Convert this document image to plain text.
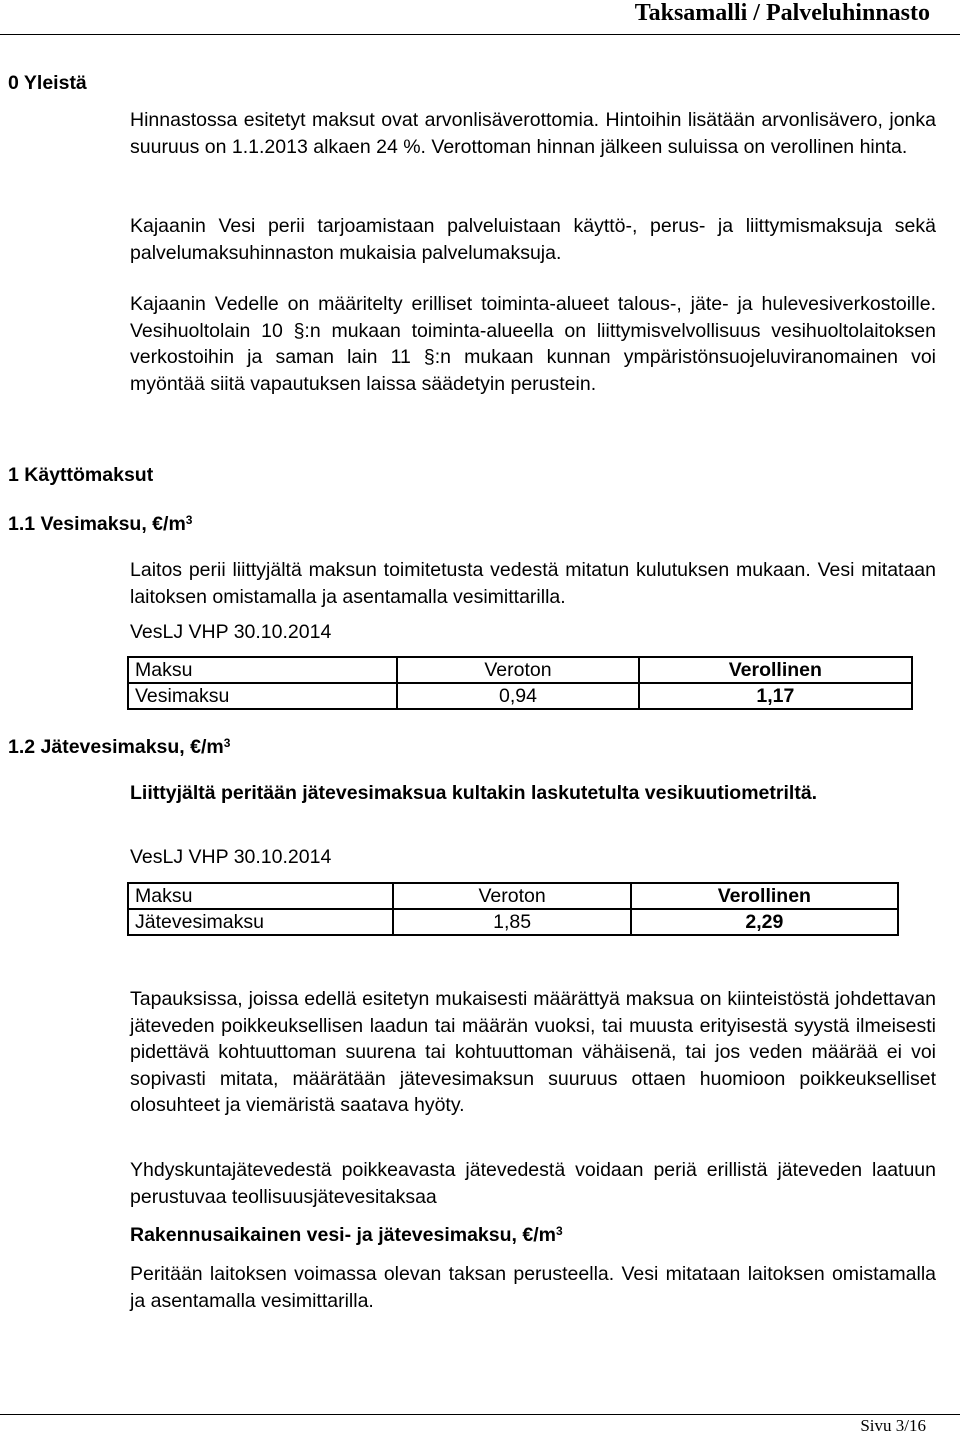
Taksamalli / Palveluhinnasto
0 Yleistä

Hinnastossa esitetyt maksut ovat arvonlisäverottomia. Hintoihin lisätään arvonlisävero, jonka suuruus on 1.1.2013 alkaen 24 %. Verottoman hinnan jälkeen suluissa on verollinen hinta.

Kajaanin Vesi perii tarjoamistaan palveluistaan käyttö-, perus- ja liittymismaksuja sekä palvelumaksuhinnaston mukaisia palvelumaksuja.

Kajaanin Vedelle on määritelty erilliset toiminta-alueet talous-, jäte- ja hulevesiverkostoille. Vesihuoltolain 10 §:n mukaan toiminta-alueella on liittymisvelvollisuus vesihuoltolaitoksen verkostoihin ja saman lain 11 §:n mukaan kunnan ympäristönsuojeluviranomainen voi myöntää siitä vapautuksen laissa säädetyin perustein.

1 Käyttömaksut
1.1 Vesimaksu, $€/m^3$

Laitos perii liittyjältä maksun toimitetusta vedestä mitatun kulutuksen mukaan. Vesi mitataan laitoksen omistamalla ja asentamalla vesimittarilla.

VesLJ VHP 30.10.2014

Maksu	Veroton	Verollinen
Vesimaksu	0,94	1,17
1.2 Jätevesimaksu, $€/m^3$

Liittyjältä peritään jätevesimaksua kultakin laskutetulta vesikuutiometriltä.

VesLJ VHP 30.10.2014

Maksu	Veroton	Verollinen
Jätevesimaksu	1,85	2,29

Tapauksissa, joissa edellä esitetyn mukaisesti määrättyä maksua on kiinteistöstä johdettavan jäteveden poikkeuksellisen laadun tai määrän vuoksi, tai muusta erityisestä syystä ilmeisesti pidettävä kohtuuttoman suurena tai kohtuuttoman vähäisenä, tai jos veden määrää ei voi sopivasti mitata, määrätään jätevesimaksun suuruus ottaen huomioon poikkeukselliset olosuhteet ja viemäristä saatava hyöty.

Yhdyskuntajätevedestä poikkeavasta jätevedestä voidaan periä erillistä jäteveden laatuun perustuvaa teollisuusjätevesitaksaa

Rakennusaikainen vesi- ja jätevesimaksu, $€/m^3$

Peritään laitoksen voimassa olevan taksan perusteella. Vesi mitataan laitoksen omistamalla ja asentamalla vesimittarilla.

Sivu 3/16
